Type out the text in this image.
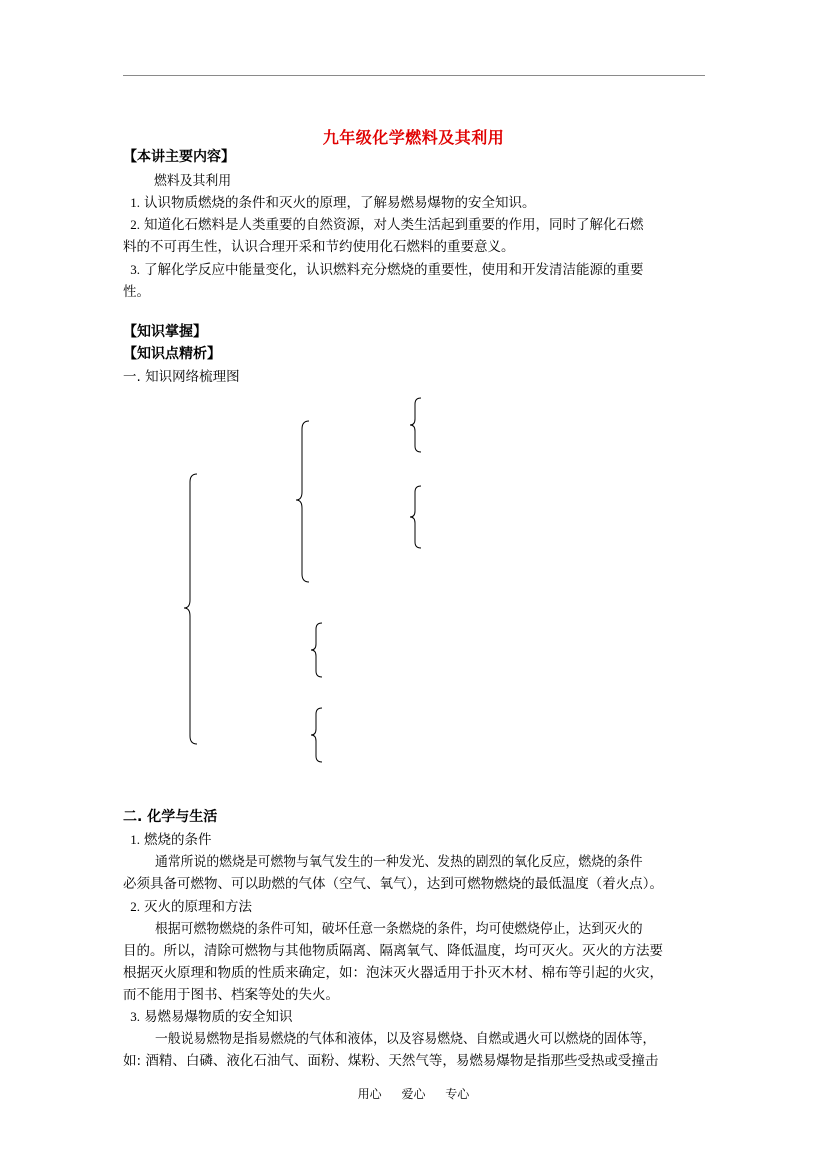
九年级化学燃料及其利用
【本讲主要内容】
燃料及其利用
1. 认识物质燃烧的条件和灭火的原理，了解易燃易爆物的安全知识。
2. 知道化石燃料是人类重要的自然资源，对人类生活起到重要的作用，同时了解化石燃
料的不可再生性，认识合理开采和节约使用化石燃料的重要意义。
3. 了解化学反应中能量变化，认识燃料充分燃烧的重要性，使用和开发清洁能源的重要
性。
【知识掌握】
【知识点精析】
一. 知识网络梳理图
二. 化学与生活
1. 燃烧的条件
通常所说的燃烧是可燃物与氧气发生的一种发光、发热的剧烈的氧化反应，燃烧的条件
必须具备可燃物、可以助燃的气体（空气、氧气），达到可燃物燃烧的最低温度（着火点）。
2. 灭火的原理和方法
根据可燃物燃烧的条件可知，破坏任意一条燃烧的条件，均可使燃烧停止，达到灭火的
目的。所以，清除可燃物与其他物质隔离、隔离氧气、降低温度，均可灭火。灭火的方法要
根据灭火原理和物质的性质来确定，如：泡沫灭火器适用于扑灭木材、棉布等引起的火灾，
而不能用于图书、档案等处的失火。
3. 易燃易爆物质的安全知识
一般说易燃物是指易燃烧的气体和液体，以及容易燃烧、自燃或遇火可以燃烧的固体等，
如: 酒精、白磷、液化石油气、面粉、煤粉、天然气等，易燃易爆物是指那些受热或受撞击
用心 爱心 专心
